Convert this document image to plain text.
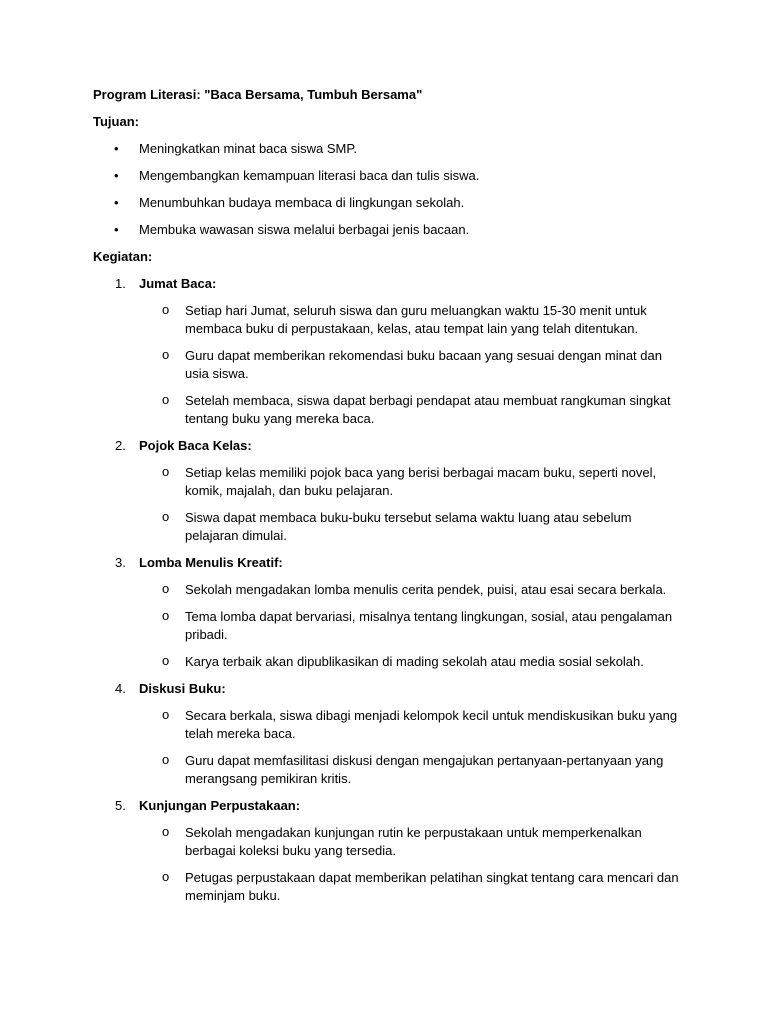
Program Literasi: "Baca Bersama, Tumbuh Bersama"
Tujuan:
• Meningkatkan minat baca siswa SMP.
• Mengembangkan kemampuan literasi baca dan tulis siswa.
• Menumbuhkan budaya membaca di lingkungan sekolah.
• Membuka wawasan siswa melalui berbagai jenis bacaan.
Kegiatan:
1. Jumat Baca:
o Setiap hari Jumat, seluruh siswa dan guru meluangkan waktu 15-30 menit untuk membaca buku di perpustakaan, kelas, atau tempat lain yang telah ditentukan.
o Guru dapat memberikan rekomendasi buku bacaan yang sesuai dengan minat dan usia siswa.
o Setelah membaca, siswa dapat berbagi pendapat atau membuat rangkuman singkat tentang buku yang mereka baca.
2. Pojok Baca Kelas:
o Setiap kelas memiliki pojok baca yang berisi berbagai macam buku, seperti novel, komik, majalah, dan buku pelajaran.
o Siswa dapat membaca buku-buku tersebut selama waktu luang atau sebelum pelajaran dimulai.
3. Lomba Menulis Kreatif:
o Sekolah mengadakan lomba menulis cerita pendek, puisi, atau esai secara berkala.
o Tema lomba dapat bervariasi, misalnya tentang lingkungan, sosial, atau pengalaman pribadi.
o Karya terbaik akan dipublikasikan di mading sekolah atau media sosial sekolah.
4. Diskusi Buku:
o Secara berkala, siswa dibagi menjadi kelompok kecil untuk mendiskusikan buku yang telah mereka baca.
o Guru dapat memfasilitasi diskusi dengan mengajukan pertanyaan-pertanyaan yang merangsang pemikiran kritis.
5. Kunjungan Perpustakaan:
o Sekolah mengadakan kunjungan rutin ke perpustakaan untuk memperkenalkan berbagai koleksi buku yang tersedia.
o Petugas perpustakaan dapat memberikan pelatihan singkat tentang cara mencari dan meminjam buku.
